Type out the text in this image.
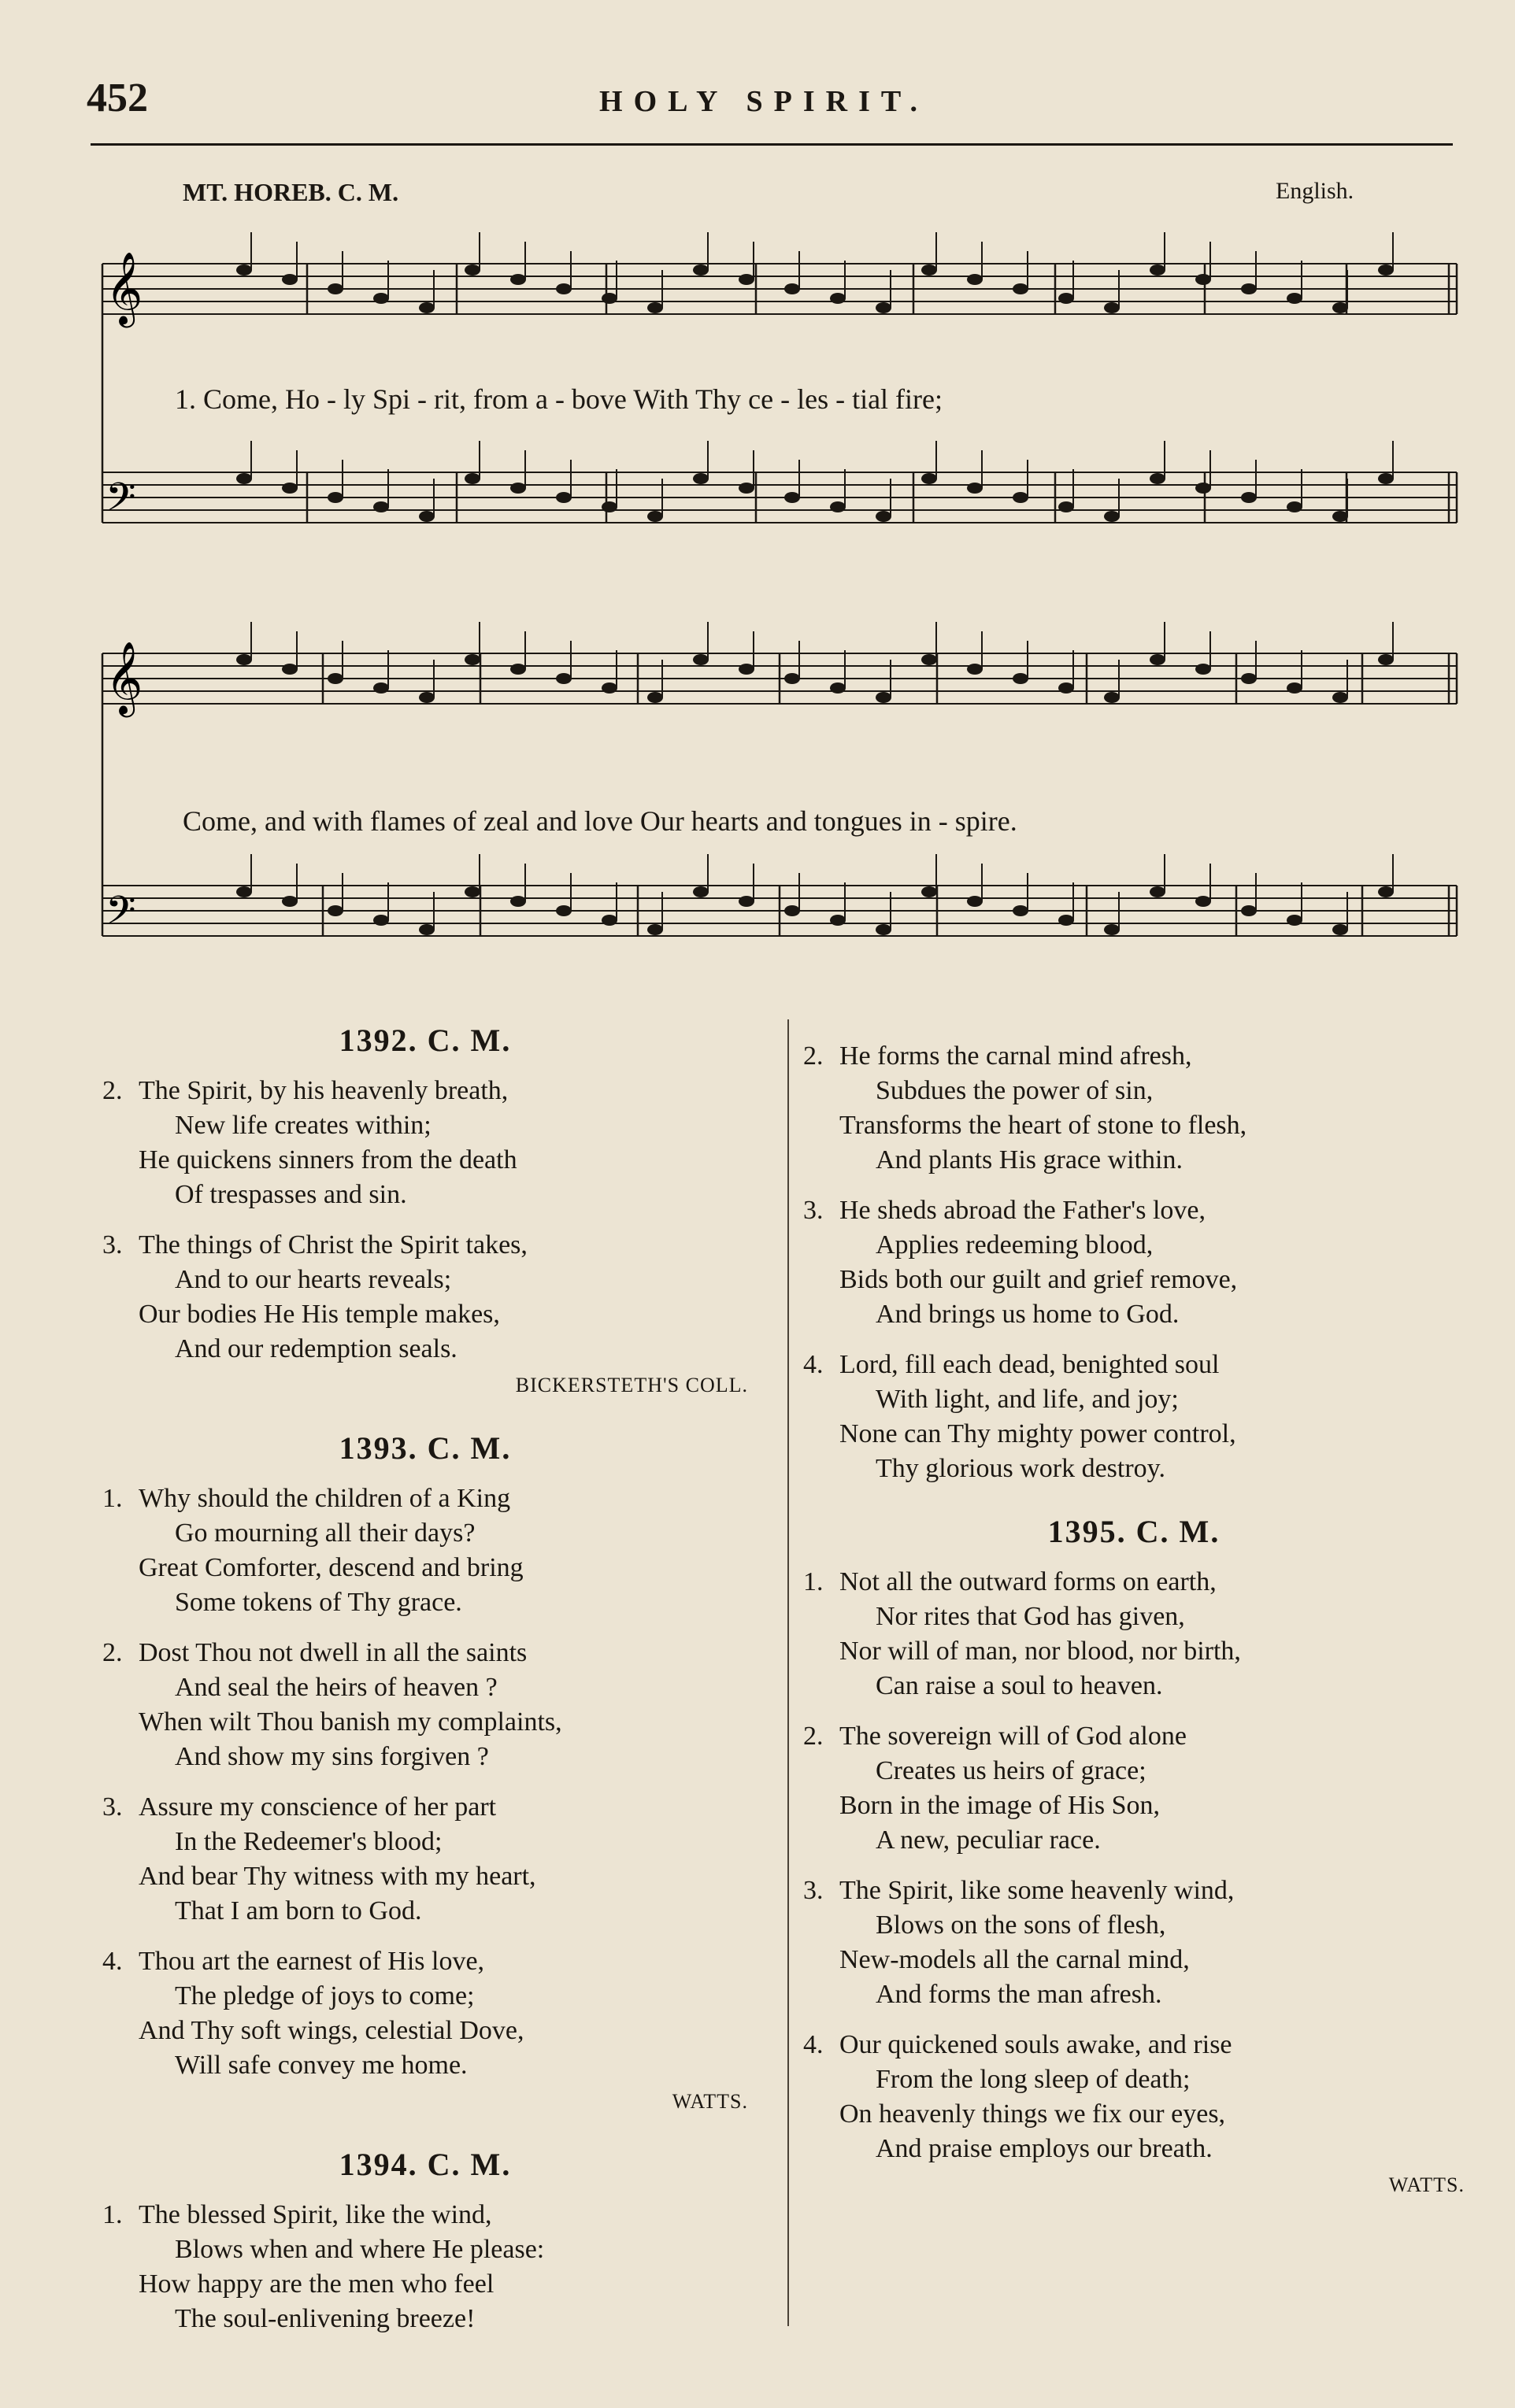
452	HOLY SPIRIT.
MT. HOREB. C. M.	English.
𝄞
𝄢
𝄞
𝄢
1. Come, Ho - ly Spi - rit, from a - bove With Thy ce - les - tial fire;
Come, and with flames of zeal and love Our hearts and tongues in - spire.
1392. C. M.
2. The Spirit, by his heavenly breath,
New life creates within;
He quickens sinners from the death
Of trespasses and sin.
3. The things of Christ the Spirit takes,
And to our hearts reveals;
Our bodies He His temple makes,
And our redemption seals.
BICKERSTETH'S COLL.
1393. C. M.
1. Why should the children of a King
Go mourning all their days?
Great Comforter, descend and bring
Some tokens of Thy grace.
2. Dost Thou not dwell in all the saints
And seal the heirs of heaven ?
When wilt Thou banish my complaints,
And show my sins forgiven ?
3. Assure my conscience of her part
In the Redeemer's blood;
And bear Thy witness with my heart,
That I am born to God.
4. Thou art the earnest of His love,
The pledge of joys to come;
And Thy soft wings, celestial Dove,
Will safe convey me home.
WATTS.
1394. C. M.
1. The blessed Spirit, like the wind,
Blows when and where He please:
How happy are the men who feel
The soul-enlivening breeze!
2. He forms the carnal mind afresh,
Subdues the power of sin,
Transforms the heart of stone to flesh,
And plants His grace within.
3. He sheds abroad the Father's love,
Applies redeeming blood,
Bids both our guilt and grief remove,
And brings us home to God.
4. Lord, fill each dead, benighted soul
With light, and life, and joy;
None can Thy mighty power control,
Thy glorious work destroy.
1395. C. M.
1. Not all the outward forms on earth,
Nor rites that God has given,
Nor will of man, nor blood, nor birth,
Can raise a soul to heaven.
2. The sovereign will of God alone
Creates us heirs of grace;
Born in the image of His Son,
A new, peculiar race.
3. The Spirit, like some heavenly wind,
Blows on the sons of flesh,
New-models all the carnal mind,
And forms the man afresh.
4. Our quickened souls awake, and rise
From the long sleep of death;
On heavenly things we fix our eyes,
And praise employs our breath.
WATTS.
